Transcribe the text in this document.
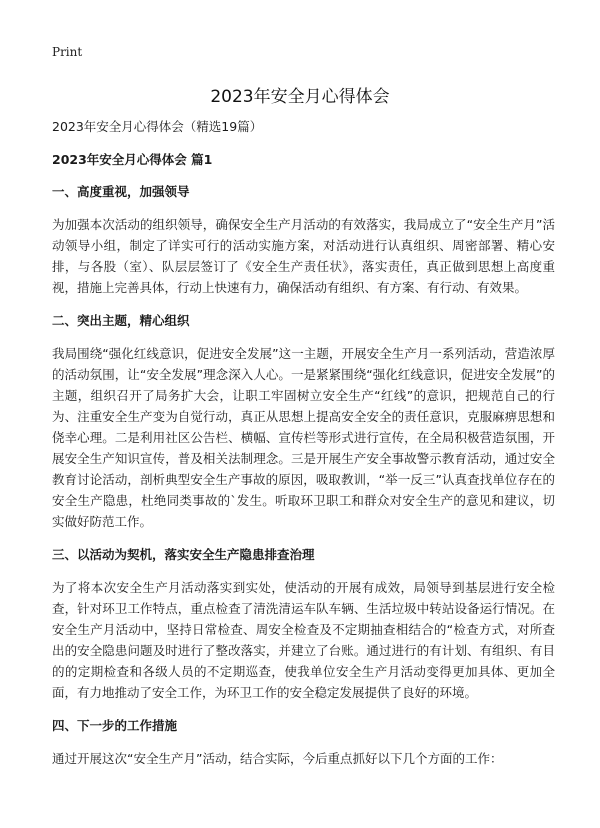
Print
2023年安全月心得体会
2023年安全月心得体会（精选19篇）
2023年安全月心得体会 篇1
一、高度重视，加强领导

为加强本次活动的组织领导，确保安全生产月活动的有效落实，我局成立了“安全生产月”活动领导小组，制定了详实可行的活动实施方案，对活动进行认真组织、周密部署、精心安排，与各股（室）、队层层签订了《安全生产责任状》，落实责任，真正做到思想上高度重视，措施上完善具体，行动上快速有力，确保活动有组织、有方案、有行动、有效果。

二、突出主题，精心组织

我局围绕“强化红线意识，促进安全发展”这一主题，开展安全生产月一系列活动，营造浓厚的活动氛围，让“安全发展”理念深入人心。一是紧紧围绕“强化红线意识，促进安全发展”的主题，组织召开了局务扩大会，让职工牢固树立安全生产“红线”的意识，把规范自己的行为、注重安全生产变为自觉行动，真正从思想上提高安全安全的责任意识，克服麻痹思想和侥幸心理。二是利用社区公告栏、横幅、宣传栏等形式进行宣传，在全局积极营造氛围，开展安全生产知识宣传，普及相关法制理念。三是开展生产安全事故警示教育活动，通过安全教育讨论活动，剖析典型安全生产事故的原因，吸取教训，“举一反三”认真查找单位存在的安全生产隐患，杜绝同类事故的`发生。听取环卫职工和群众对安全生产的意见和建议，切实做好防范工作。

三、以活动为契机，落实安全生产隐患排查治理

为了将本次安全生产月活动落实到实处，使活动的开展有成效，局领导到基层进行安全检查，针对环卫工作特点，重点检查了清洗清运车队车辆、生活垃圾中转站设备运行情况。在安全生产月活动中，坚持日常检查、周安全检查及不定期抽查相结合的“检查方式，对所查出的安全隐患问题及时进行了整改落实，并建立了台账。通过进行的有计划、有组织、有目的的定期检查和各级人员的不定期巡查，使我单位安全生产月活动变得更加具体、更加全面，有力地推动了安全工作，为环卫工作的安全稳定发展提供了良好的环境。

四、下一步的工作措施

通过开展这次“安全生产月”活动，结合实际，今后重点抓好以下几个方面的工作：
